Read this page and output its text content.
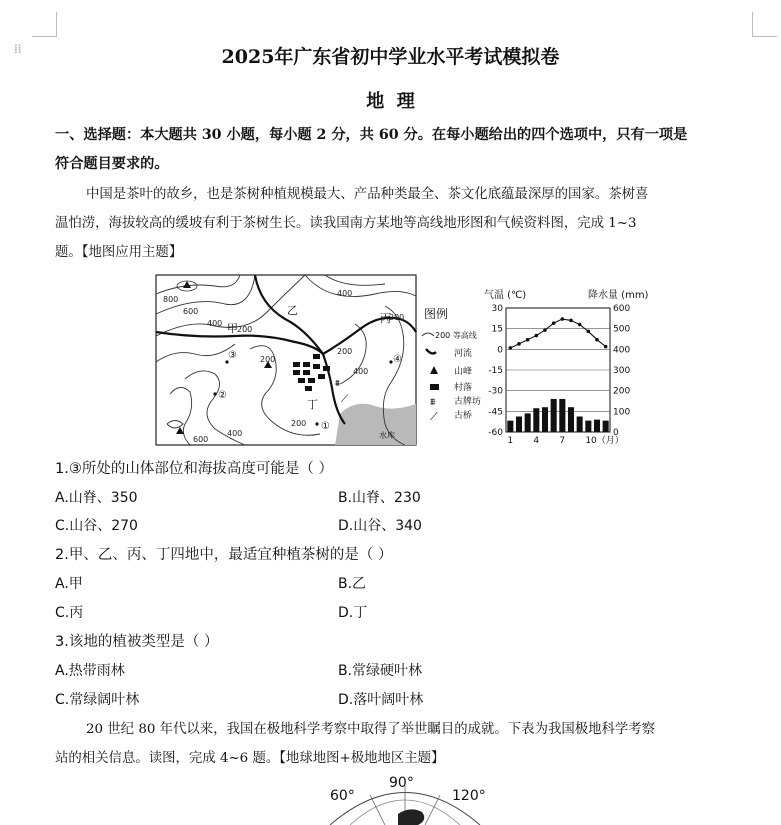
⁞⁞	2025年广东省初中学业水平考试模拟卷
地  理
一、选择题：本大题共 30 小题，每小题 2 分，共 60 分。在每小题给出的四个选项中，只有一项是
符合题目要求的。
中国是茶叶的故乡，也是茶树种植规模最大、产品种类最全、茶文化底蕴最深厚的国家。茶树喜
温怕涝，海拔较高的缓坡有利于茶树生长。读我国南方某地等高线地形图和气候资料图，完成 1~3
题。【地图应用主题】
⩩
⟋
800
600
400
200
400
200
200
400
600
400
200
200
甲
乙
丙
丁
①
②
③	④
水库
图例
200 等高线
河流
山峰
村落
⩩ 古牌坊
⟋ 古桥
气温 (℃)	降水量 (mm)
30
15
0
-15
-30
-45
-60
600
500
400
300
200
100
0
1 4 7 10（月）
1.③所处的山体部位和海拔高度可能是（ ）
A.山脊、350	B.山脊、230
C.山谷、270	D.山谷、340
2.甲、乙、丙、丁四地中，最适宜种植茶树的是（ ）
A.甲	B.乙
C.丙	D.丁
3.该地的植被类型是（ ）
A.热带雨林	B.常绿硬叶林
C.常绿阔叶林	D.落叶阔叶林
20 世纪 80 年代以来，我国在极地科学考察中取得了举世瞩目的成就。下表为我国极地科学考察
站的相关信息。读图，完成 4~6 题。【地球地图+极地地区主题】
60°
90°
120°
